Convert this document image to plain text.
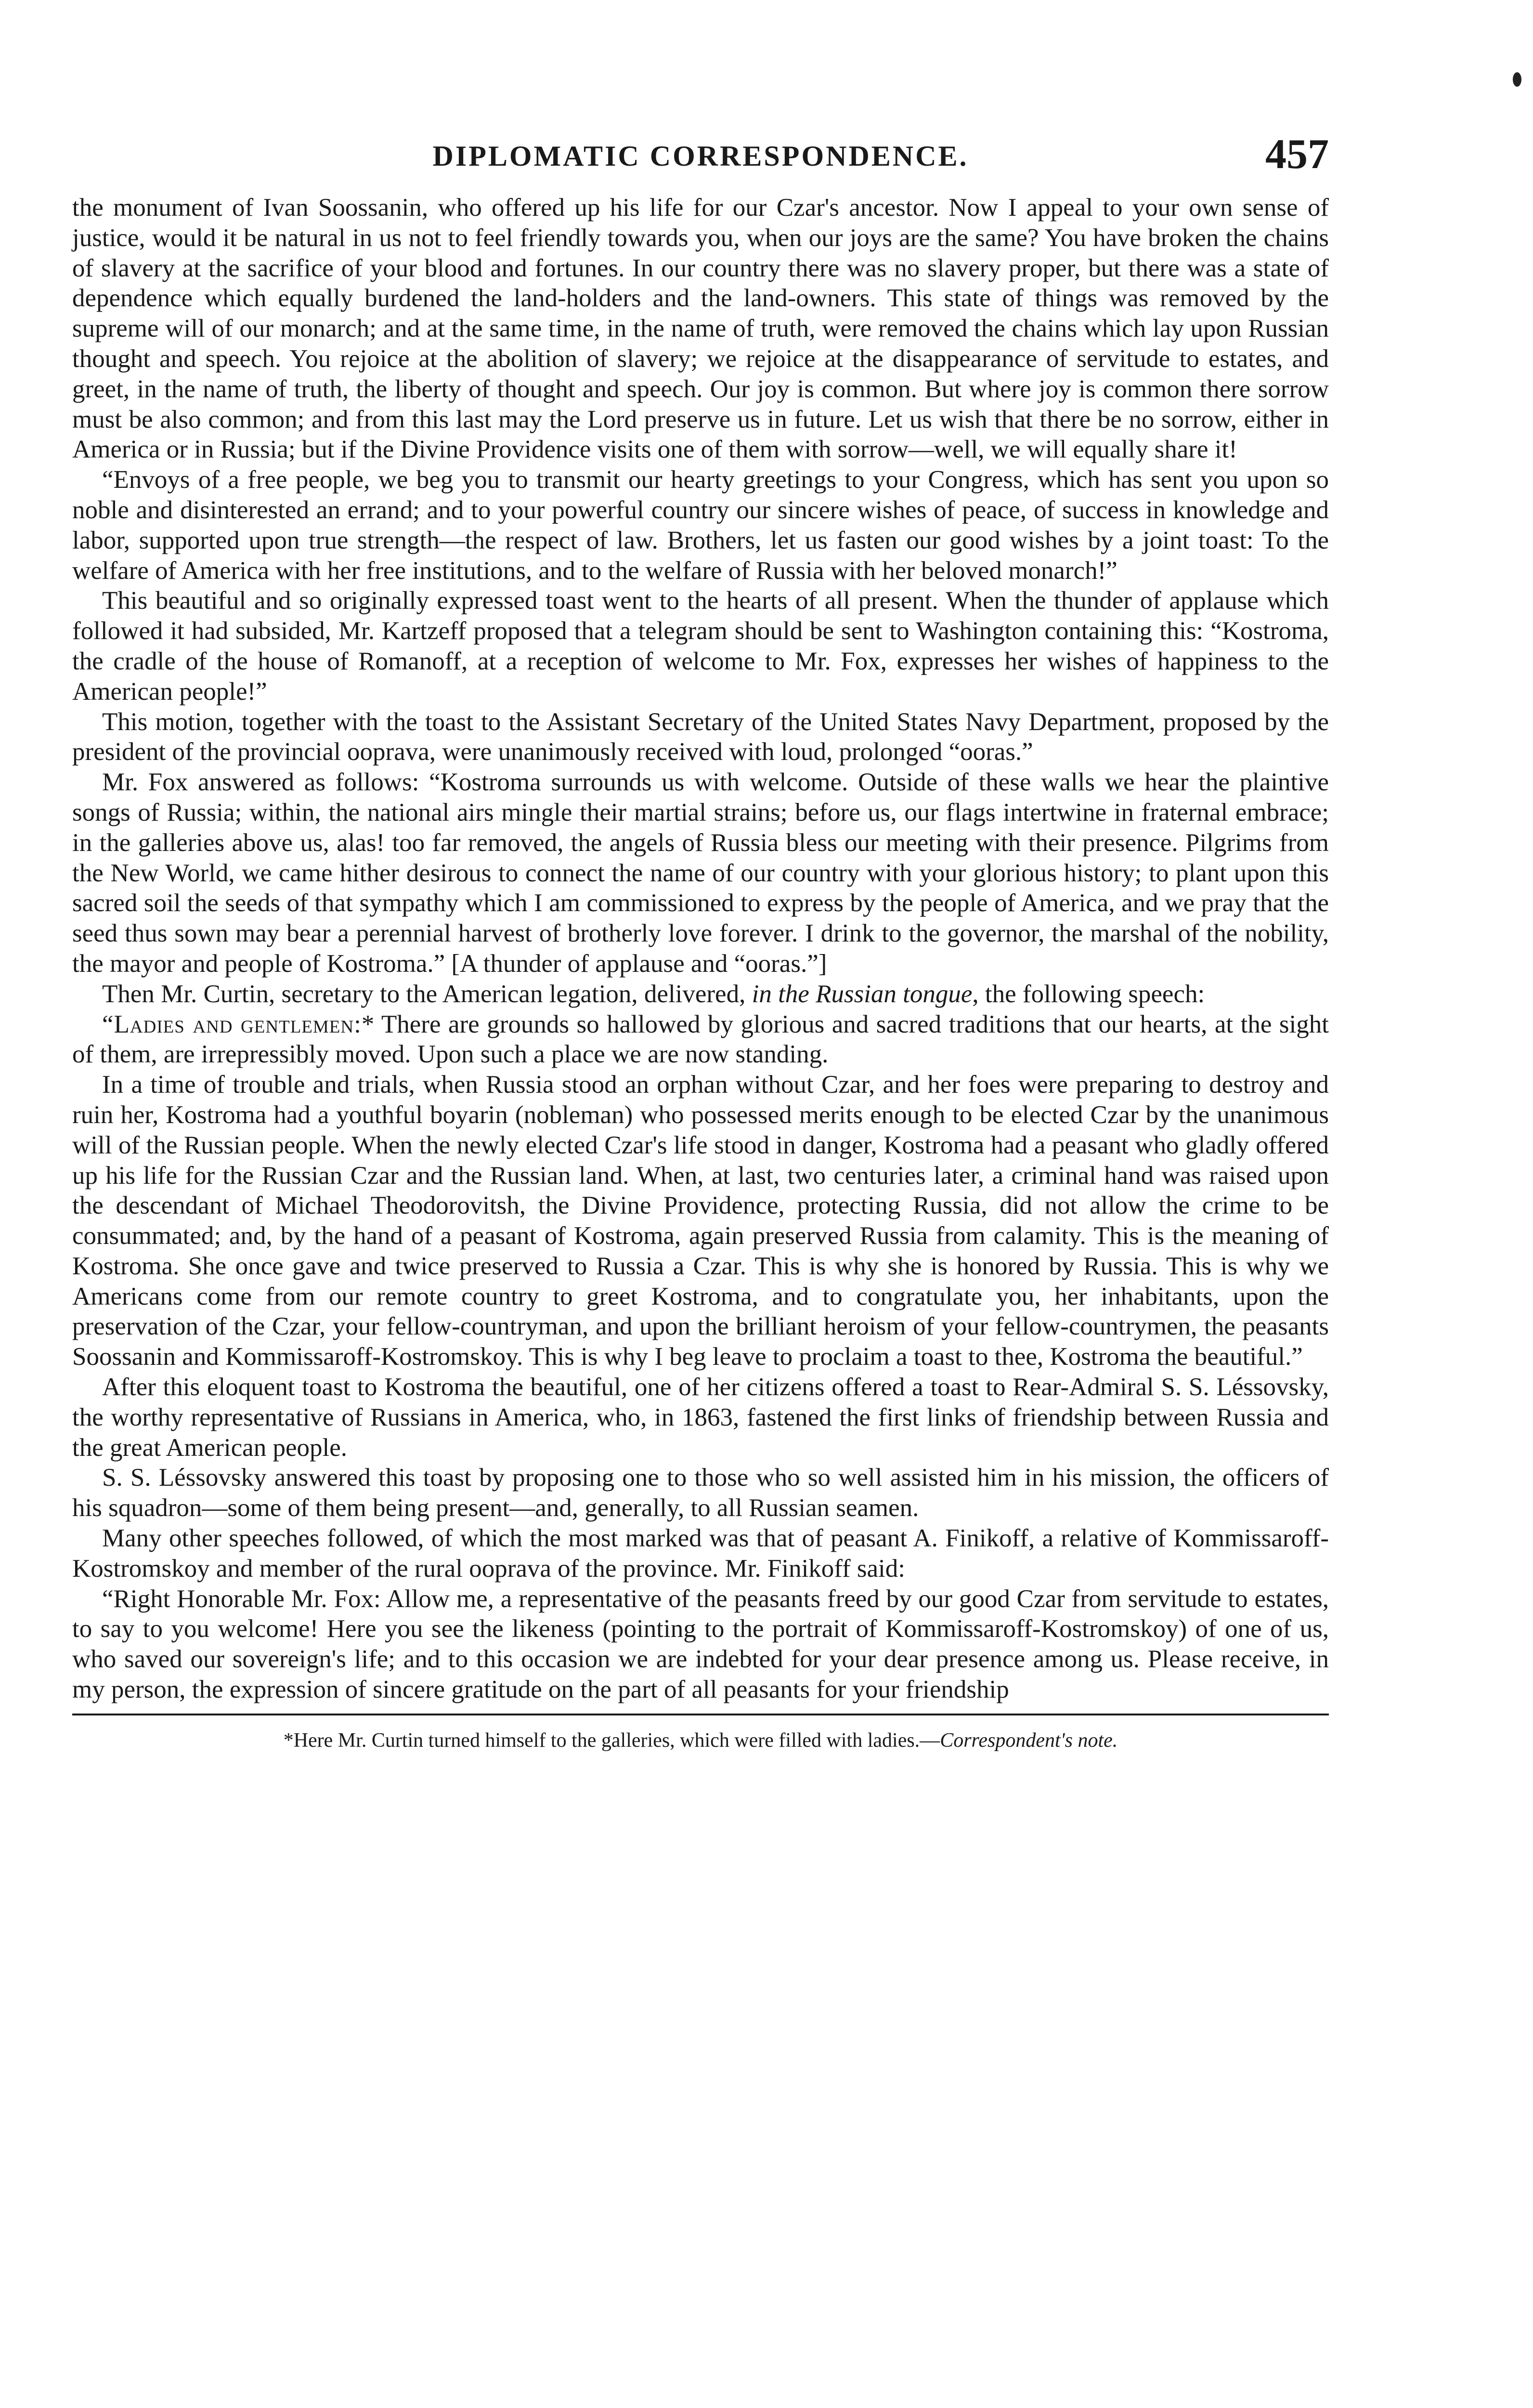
DIPLOMATIC CORRESPONDENCE.	457

the monument of Ivan Soossanin, who offered up his life for our Czar's ancestor. Now I appeal to your own sense of justice, would it be natural in us not to feel friendly towards you, when our joys are the same? You have broken the chains of slavery at the sacrifice of your blood and fortunes. In our country there was no slavery proper, but there was a state of dependence which equally burdened the land-holders and the land-owners. This state of things was removed by the supreme will of our monarch; and at the same time, in the name of truth, were removed the chains which lay upon Russian thought and speech. You rejoice at the abolition of slavery; we rejoice at the disappearance of servitude to estates, and greet, in the name of truth, the liberty of thought and speech. Our joy is common. But where joy is common there sorrow must be also common; and from this last may the Lord preserve us in future. Let us wish that there be no sorrow, either in America or in Russia; but if the Divine Providence visits one of them with sorrow—well, we will equally share it!

“Envoys of a free people, we beg you to transmit our hearty greetings to your Congress, which has sent you upon so noble and disinterested an errand; and to your powerful country our sincere wishes of peace, of success in knowledge and labor, supported upon true strength—the respect of law. Brothers, let us fasten our good wishes by a joint toast: To the welfare of America with her free institutions, and to the welfare of Russia with her beloved monarch!”

This beautiful and so originally expressed toast went to the hearts of all present. When the thunder of applause which followed it had subsided, Mr. Kartzeff proposed that a telegram should be sent to Washington containing this: “Kostroma, the cradle of the house of Romanoff, at a reception of welcome to Mr. Fox, expresses her wishes of happiness to the American people!”

This motion, together with the toast to the Assistant Secretary of the United States Navy Department, proposed by the president of the provincial ooprava, were unanimously received with loud, prolonged “ooras.”

Mr. Fox answered as follows: “Kostroma surrounds us with welcome. Outside of these walls we hear the plaintive songs of Russia; within, the national airs mingle their martial strains; before us, our flags intertwine in fraternal embrace; in the galleries above us, alas! too far removed, the angels of Russia bless our meeting with their presence. Pilgrims from the New World, we came hither desirous to connect the name of our country with your glorious history; to plant upon this sacred soil the seeds of that sympathy which I am commissioned to express by the people of America, and we pray that the seed thus sown may bear a perennial harvest of brotherly love forever. I drink to the governor, the marshal of the nobility, the mayor and people of Kostroma.” [A thunder of applause and “ooras.”]

Then Mr. Curtin, secretary to the American legation, delivered, in the Russian tongue, the following speech:

“Ladies and gentlemen:* There are grounds so hallowed by glorious and sacred traditions that our hearts, at the sight of them, are irrepressibly moved. Upon such a place we are now standing.

In a time of trouble and trials, when Russia stood an orphan without Czar, and her foes were preparing to destroy and ruin her, Kostroma had a youthful boyarin (nobleman) who possessed merits enough to be elected Czar by the unanimous will of the Russian people. When the newly elected Czar's life stood in danger, Kostroma had a peasant who gladly offered up his life for the Russian Czar and the Russian land. When, at last, two centuries later, a criminal hand was raised upon the descendant of Michael Theodorovitsh, the Divine Providence, protecting Russia, did not allow the crime to be consummated; and, by the hand of a peasant of Kostroma, again preserved Russia from calamity. This is the meaning of Kostroma. She once gave and twice preserved to Russia a Czar. This is why she is honored by Russia. This is why we Americans come from our remote country to greet Kostroma, and to congratulate you, her inhabitants, upon the preservation of the Czar, your fellow-countryman, and upon the brilliant heroism of your fellow-countrymen, the peasants Soossanin and Kommissaroff-Kostromskoy. This is why I beg leave to proclaim a toast to thee, Kostroma the beautiful.”

After this eloquent toast to Kostroma the beautiful, one of her citizens offered a toast to Rear-Admiral S. S. Léssovsky, the worthy representative of Russians in America, who, in 1863, fastened the first links of friendship between Russia and the great American people.

S. S. Léssovsky answered this toast by proposing one to those who so well assisted him in his mission, the officers of his squadron—some of them being present—and, generally, to all Russian seamen.

Many other speeches followed, of which the most marked was that of peasant A. Finikoff, a relative of Kommissaroff-Kostromskoy and member of the rural ooprava of the province. Mr. Finikoff said:

“Right Honorable Mr. Fox: Allow me, a representative of the peasants freed by our good Czar from servitude to estates, to say to you welcome! Here you see the likeness (pointing to the portrait of Kommissaroff-Kostromskoy) of one of us, who saved our sovereign's life; and to this occasion we are indebted for your dear presence among us. Please receive, in my person, the expression of sincere gratitude on the part of all peasants for your friendship

*Here Mr. Curtin turned himself to the galleries, which were filled with ladies.—Correspondent's note.
